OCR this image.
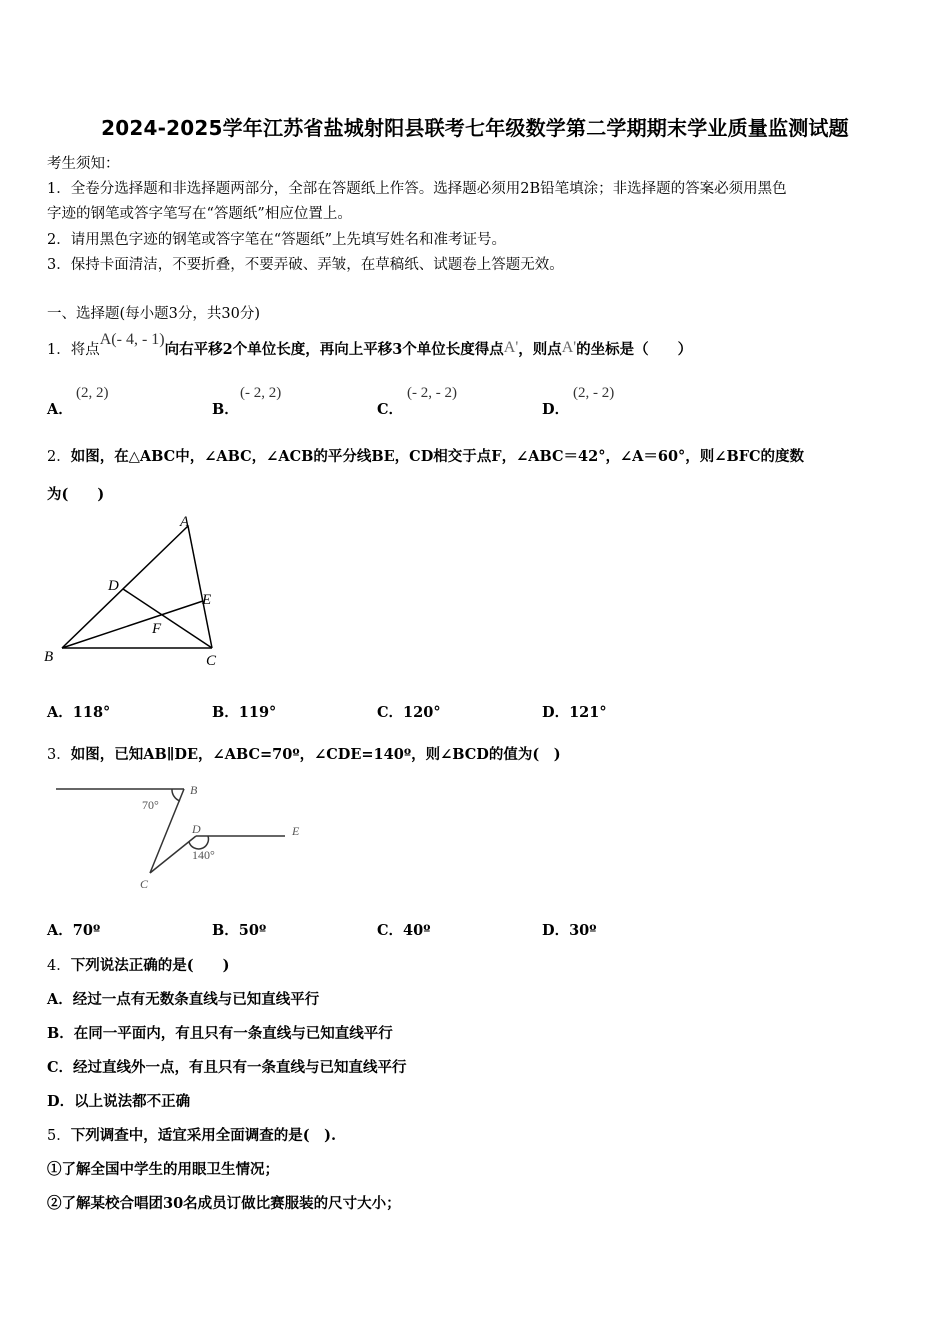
2024-2025学年江苏省盐城射阳县联考七年级数学第二学期期末学业质量监测试题
考生须知：
1．全卷分选择题和非选择题两部分，全部在答题纸上作答。选择题必须用2B铅笔填涂；非选择题的答案必须用黑色
字迹的钢笔或答字笔写在“答题纸”相应位置上。
2．请用黑色字迹的钢笔或答字笔在“答题纸”上先填写姓名和准考证号。
3．保持卡面清洁，不要折叠，不要弄破、弄皱，在草稿纸、试题卷上答题无效。
一、选择题(每小题3分，共30分)
1．将点A(- 4, - 1)向右平移2个单位长度，再向上平移3个单位长度得点A'，则点A'的坐标是（　　）
A．
(2, 2)
B．
(- 2, 2)
C．
(- 2, - 2)
D．
(2, - 2)
2．如图，在△ABC中，∠ABC，∠ACB的平分线BE，CD相交于点F，∠ABC＝42°，∠A＝60°，则∠BFC的度数
为(　　)
A
B	C
D
E
F
A．118°	B．119°	C．120°	D．121°
3．如图，已知AB∥DE，∠ABC=70º，∠CDE=140º，则∠BCD的值为(　)
B
C
D	E
70°
140°
A．70º	B．50º	C．40º	D．30º
4．下列说法正确的是(　　)
A．经过一点有无数条直线与已知直线平行
B．在同一平面内，有且只有一条直线与已知直线平行
C．经过直线外一点，有且只有一条直线与已知直线平行
D．以上说法都不正确
5．下列调查中，适宜采用全面调查的是(　).
①了解全国中学生的用眼卫生情况；
②了解某校合唱团30名成员订做比赛服装的尺寸大小；
